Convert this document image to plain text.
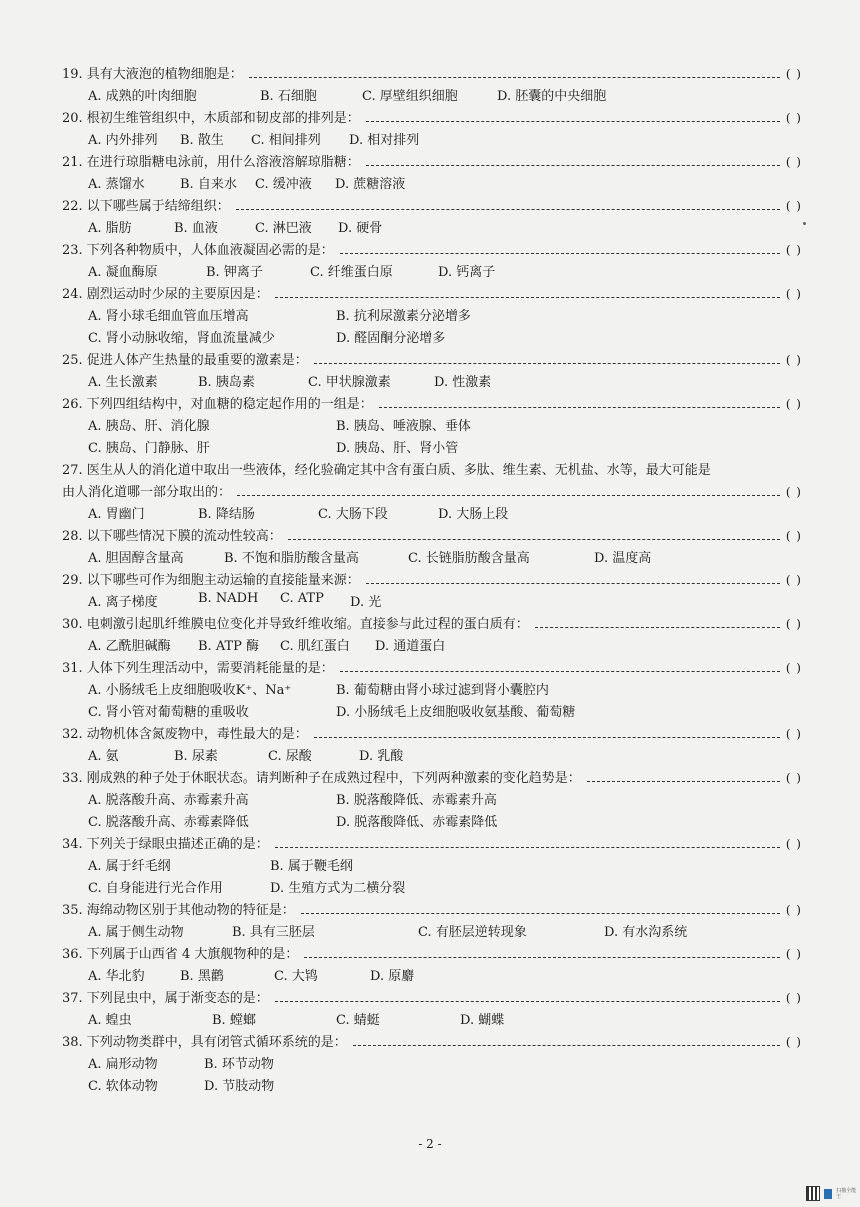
19. 具有大液泡的植物细胞是：	( )
A. 成熟的叶肉细胞	B. 石细胞	C. 厚壁组织细胞	D. 胚囊的中央细胞
20. 根初生维管组织中，木质部和韧皮部的排列是：	( )
A. 内外排列	B. 散生	C. 相间排列	D. 相对排列
21. 在进行琼脂糖电泳前，用什么溶液溶解琼脂糖：	( )
A. 蒸馏水	B. 自来水	C. 缓冲液	D. 蔗糖溶液
22. 以下哪些属于结缔组织：	( )
A. 脂肪	B. 血液	C. 淋巴液	D. 硬骨
23. 下列各种物质中，人体血液凝固必需的是：	( )
A. 凝血酶原	B. 钾离子	C. 纤维蛋白原	D. 钙离子
24. 剧烈运动时少尿的主要原因是：	( )
A. 肾小球毛细血管血压增高	B. 抗利尿激素分泌增多
C. 肾小动脉收缩，肾血流量减少	D. 醛固酮分泌增多
25. 促进人体产生热量的最重要的激素是：	( )
A. 生长激素	B. 胰岛素	C. 甲状腺激素	D. 性激素
26. 下列四组结构中，对血糖的稳定起作用的一组是：	( )
A. 胰岛、肝、消化腺	B. 胰岛、唾液腺、垂体
C. 胰岛、门静脉、肝	D. 胰岛、肝、肾小管
27. 医生从人的消化道中取出一些液体，经化验确定其中含有蛋白质、多肽、维生素、无机盐、水等，最大可能是
由人消化道哪一部分取出的：	( )
A. 胃幽门	B. 降结肠	C. 大肠下段	D. 大肠上段
28. 以下哪些情况下膜的流动性较高：	( )
A. 胆固醇含量高	B. 不饱和脂肪酸含量高	C. 长链脂肪酸含量高	D. 温度高
29. 以下哪些可作为细胞主动运输的直接能量来源：	( )
A. 离子梯度	B. NADH	C. ATP	D. 光
30. 电刺激引起肌纤维膜电位变化并导致纤维收缩。直接参与此过程的蛋白质有：	( )
A. 乙酰胆碱酶	B. ATP 酶	C. 肌红蛋白	D. 通道蛋白
31. 人体下列生理活动中，需要消耗能量的是：	( )
A. 小肠绒毛上皮细胞吸收K⁺、Na⁺	B. 葡萄糖由肾小球过滤到肾小囊腔内
C. 肾小管对葡萄糖的重吸收	D. 小肠绒毛上皮细胞吸收氨基酸、葡萄糖
32. 动物机体含氮废物中，毒性最大的是：	( )
A. 氨	B. 尿素	C. 尿酸	D. 乳酸
33. 刚成熟的种子处于休眠状态。请判断种子在成熟过程中，下列两种激素的变化趋势是：	( )
A. 脱落酸升高、赤霉素升高	B. 脱落酸降低、赤霉素升高
C. 脱落酸升高、赤霉素降低	D. 脱落酸降低、赤霉素降低
34. 下列关于绿眼虫描述正确的是：	( )
A. 属于纤毛纲	B. 属于鞭毛纲
C. 自身能进行光合作用	D. 生殖方式为二横分裂
35. 海绵动物区别于其他动物的特征是：	( )
A. 属于侧生动物	B. 具有三胚层	C. 有胚层逆转现象	D. 有水沟系统
36. 下列属于山西省 4 大旗舰物种的是：	( )
A. 华北豹	B. 黑鹳	C. 大鸨	D. 原麝
37. 下列昆虫中，属于渐变态的是：	( )
A. 蝗虫	B. 螳螂	C. 蜻蜓	D. 蝴蝶
38. 下列动物类群中，具有闭管式循环系统的是：	( )
A. 扁形动物	B. 环节动物
C. 软体动物	D. 节肢动物
- 2 -
扫描全能王
